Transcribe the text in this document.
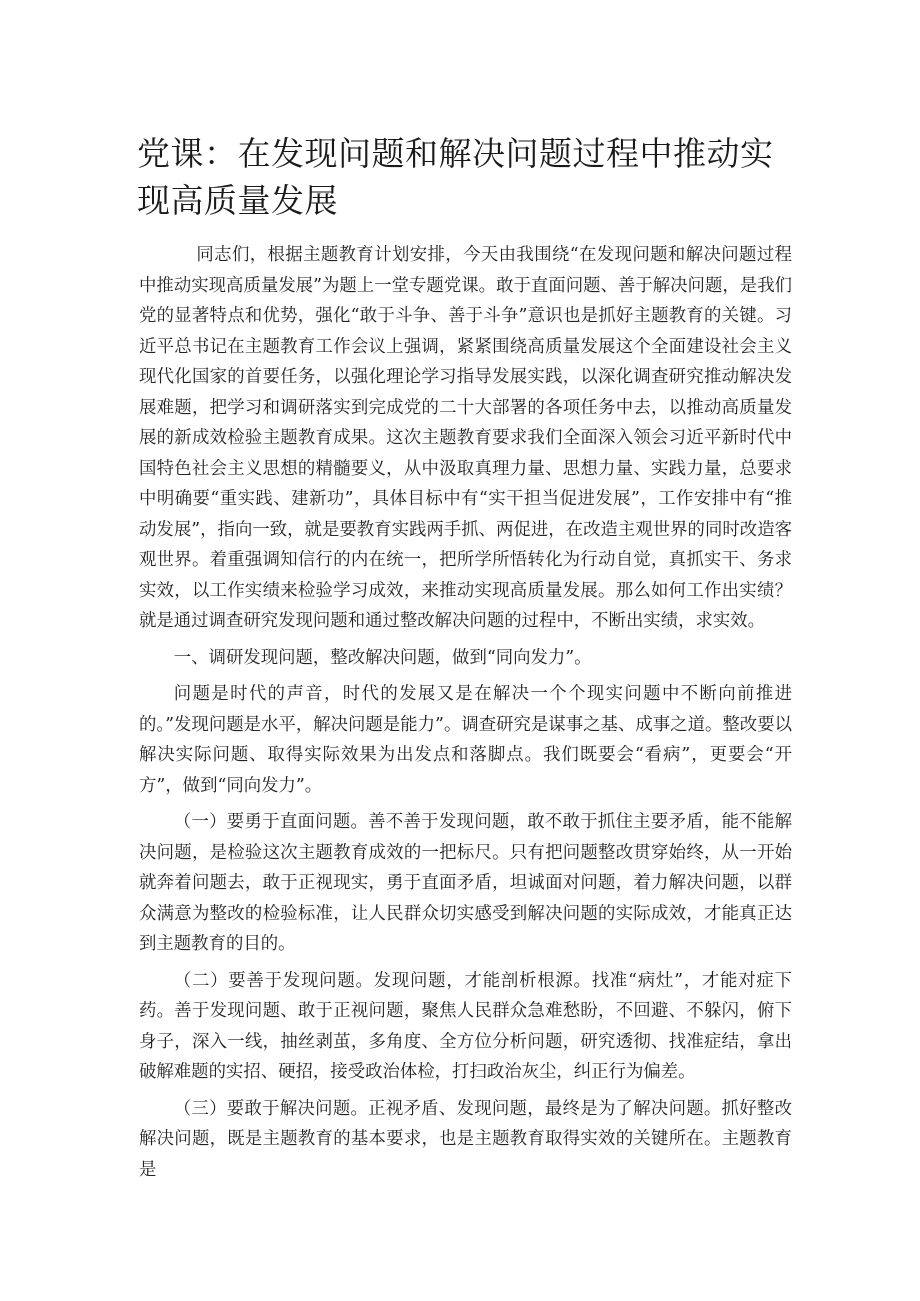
党课：在发现问题和解决问题过程中推动实现高质量发展

同志们，根据主题教育计划安排，今天由我围绕“在发现问题和解决问题过程中推动实现高质量发展”为题上一堂专题党课。敢于直面问题、善于解决问题，是我们党的显著特点和优势，强化“敢于斗争、善于斗争”意识也是抓好主题教育的关键。习近平总书记在主题教育工作会议上强调，紧紧围绕高质量发展这个全面建设社会主义现代化国家的首要任务，以强化理论学习指导发展实践，以深化调查研究推动解决发展难题，把学习和调研落实到完成党的二十大部署的各项任务中去，以推动高质量发展的新成效检验主题教育成果。这次主题教育要求我们全面深入领会习近平新时代中国特色社会主义思想的精髓要义，从中汲取真理力量、思想力量、实践力量，总要求中明确要“重实践、建新功”，具体目标中有“实干担当促进发展”，工作安排中有“推动发展”，指向一致，就是要教育实践两手抓、两促进，在改造主观世界的同时改造客观世界。着重强调知信行的内在统一，把所学所悟转化为行动自觉，真抓实干、务求实效，以工作实绩来检验学习成效，来推动实现高质量发展。那么如何工作出实绩？就是通过调查研究发现问题和通过整改解决问题的过程中，不断出实绩，求实效。

一、调研发现问题，整改解决问题，做到“同向发力”。

问题是时代的声音，时代的发展又是在解决一个个现实问题中不断向前推进的。”发现问题是水平，解决问题是能力”。调查研究是谋事之基、成事之道。整改要以解决实际问题、取得实际效果为出发点和落脚点。我们既要会“看病”，更要会“开方”，做到“同向发力”。

（一）要勇于直面问题。善不善于发现问题，敢不敢于抓住主要矛盾，能不能解决问题，是检验这次主题教育成效的一把标尺。只有把问题整改贯穿始终，从一开始就奔着问题去，敢于正视现实，勇于直面矛盾，坦诚面对问题，着力解决问题，以群众满意为整改的检验标准，让人民群众切实感受到解决问题的实际成效，才能真正达到主题教育的目的。

（二）要善于发现问题。发现问题，才能剖析根源。找准“病灶”，才能对症下药。善于发现问题、敢于正视问题，聚焦人民群众急难愁盼，不回避、不躲闪，俯下身子，深入一线，抽丝剥茧，多角度、全方位分析问题，研究透彻、找准症结，拿出破解难题的实招、硬招，接受政治体检，打扫政治灰尘，纠正行为偏差。

（三）要敢于解决问题。正视矛盾、发现问题，最终是为了解决问题。抓好整改解决问题，既是主题教育的基本要求，也是主题教育取得实效的关键所在。主题教育是
